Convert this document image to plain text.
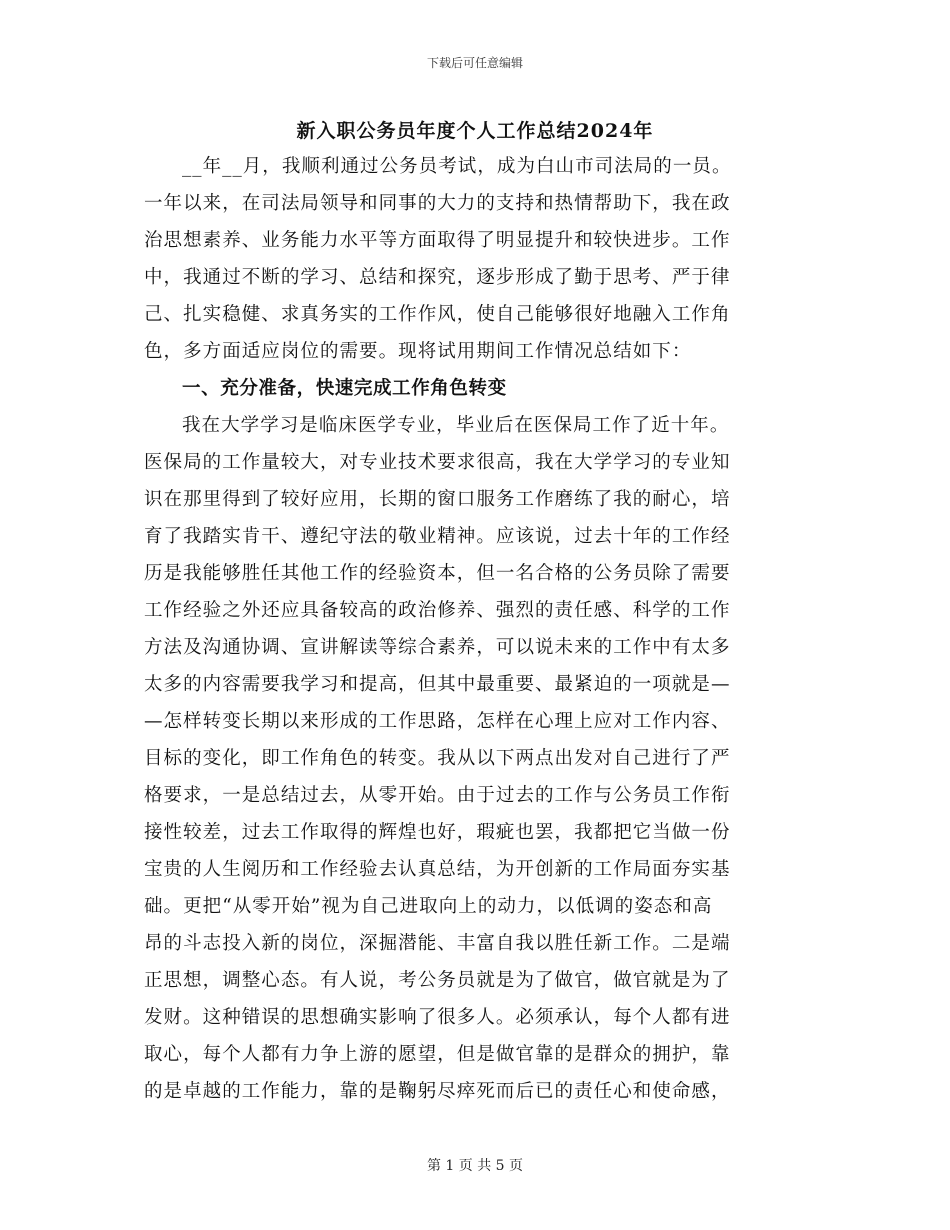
下载后可任意编辑
新入职公务员年度个人工作总结2024年
__年__月，我顺利通过公务员考试，成为白山市司法局的一员。
一年以来，在司法局领导和同事的大力的支持和热情帮助下，我在政
治思想素养、业务能力水平等方面取得了明显提升和较快进步。工作
中，我通过不断的学习、总结和探究，逐步形成了勤于思考、严于律
己、扎实稳健、求真务实的工作作风，使自己能够很好地融入工作角
色，多方面适应岗位的需要。现将试用期间工作情况总结如下：
一、充分准备，快速完成工作角色转变
我在大学学习是临床医学专业，毕业后在医保局工作了近十年。
医保局的工作量较大，对专业技术要求很高，我在大学学习的专业知
识在那里得到了较好应用，长期的窗口服务工作磨练了我的耐心，培
育了我踏实肯干、遵纪守法的敬业精神。应该说，过去十年的工作经
历是我能够胜任其他工作的经验资本，但一名合格的公务员除了需要
工作经验之外还应具备较高的政治修养、强烈的责任感、科学的工作
方法及沟通协调、宣讲解读等综合素养，可以说未来的工作中有太多
太多的内容需要我学习和提高，但其中最重要、最紧迫的一项就是—
—怎样转变长期以来形成的工作思路，怎样在心理上应对工作内容、
目标的变化，即工作角色的转变。我从以下两点出发对自己进行了严
格要求，一是总结过去，从零开始。由于过去的工作与公务员工作衔
接性较差，过去工作取得的辉煌也好，瑕疵也罢，我都把它当做一份
宝贵的人生阅历和工作经验去认真总结，为开创新的工作局面夯实基
础。更把“从零开始”视为自己进取向上的动力，以低调的姿态和高
昂的斗志投入新的岗位，深掘潜能、丰富自我以胜任新工作。二是端
正思想，调整心态。有人说，考公务员就是为了做官，做官就是为了
发财。这种错误的思想确实影响了很多人。必须承认，每个人都有进
取心，每个人都有力争上游的愿望，但是做官靠的是群众的拥护，靠
的是卓越的工作能力，靠的是鞠躬尽瘁死而后已的责任心和使命感，
第 1 页 共 5 页
